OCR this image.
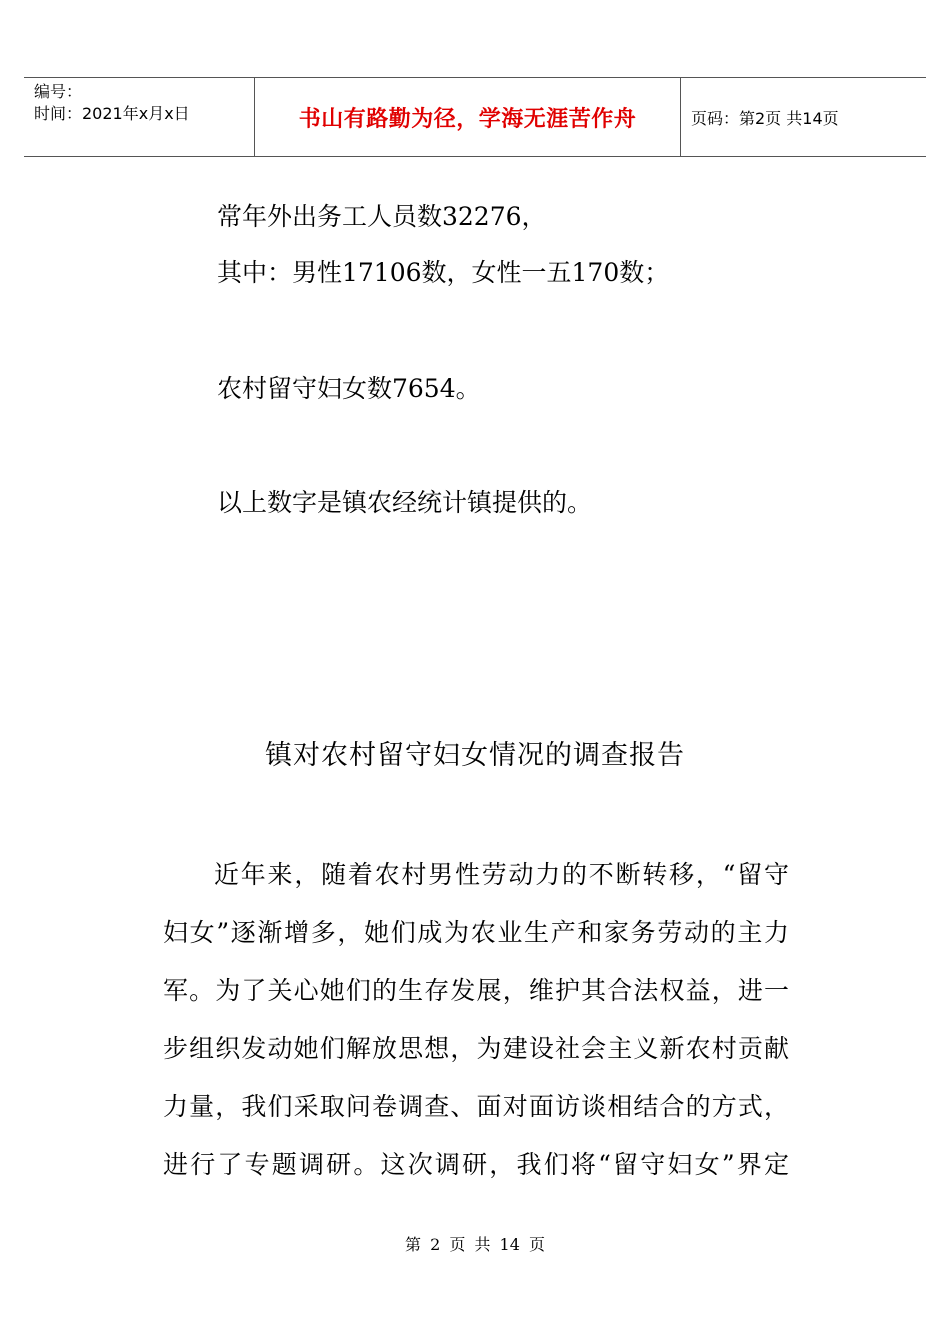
编号：
时间：2021年x月x日	书山有路勤为径，学海无涯苦作舟	页码：第2页 共14页
常年外出务工人员数32276，
其中：男性17106数，女性一五170数；
农村留守妇女数7654。
以上数字是镇农经统计镇提供的。
镇对农村留守妇女情况的调查报告
近年来，随着农村男性劳动力的不断转移，“留守
妇女”逐渐增多，她们成为农业生产和家务劳动的主力
军。为了关心她们的生存发展，维护其合法权益，进一
步组织发动她们解放思想，为建设社会主义新农村贡献
力量，我们采取问卷调查、面对面访谈相结合的方式，
进行了专题调研。这次调研，我们将“留守妇女”界定
第 2 页 共 14 页
